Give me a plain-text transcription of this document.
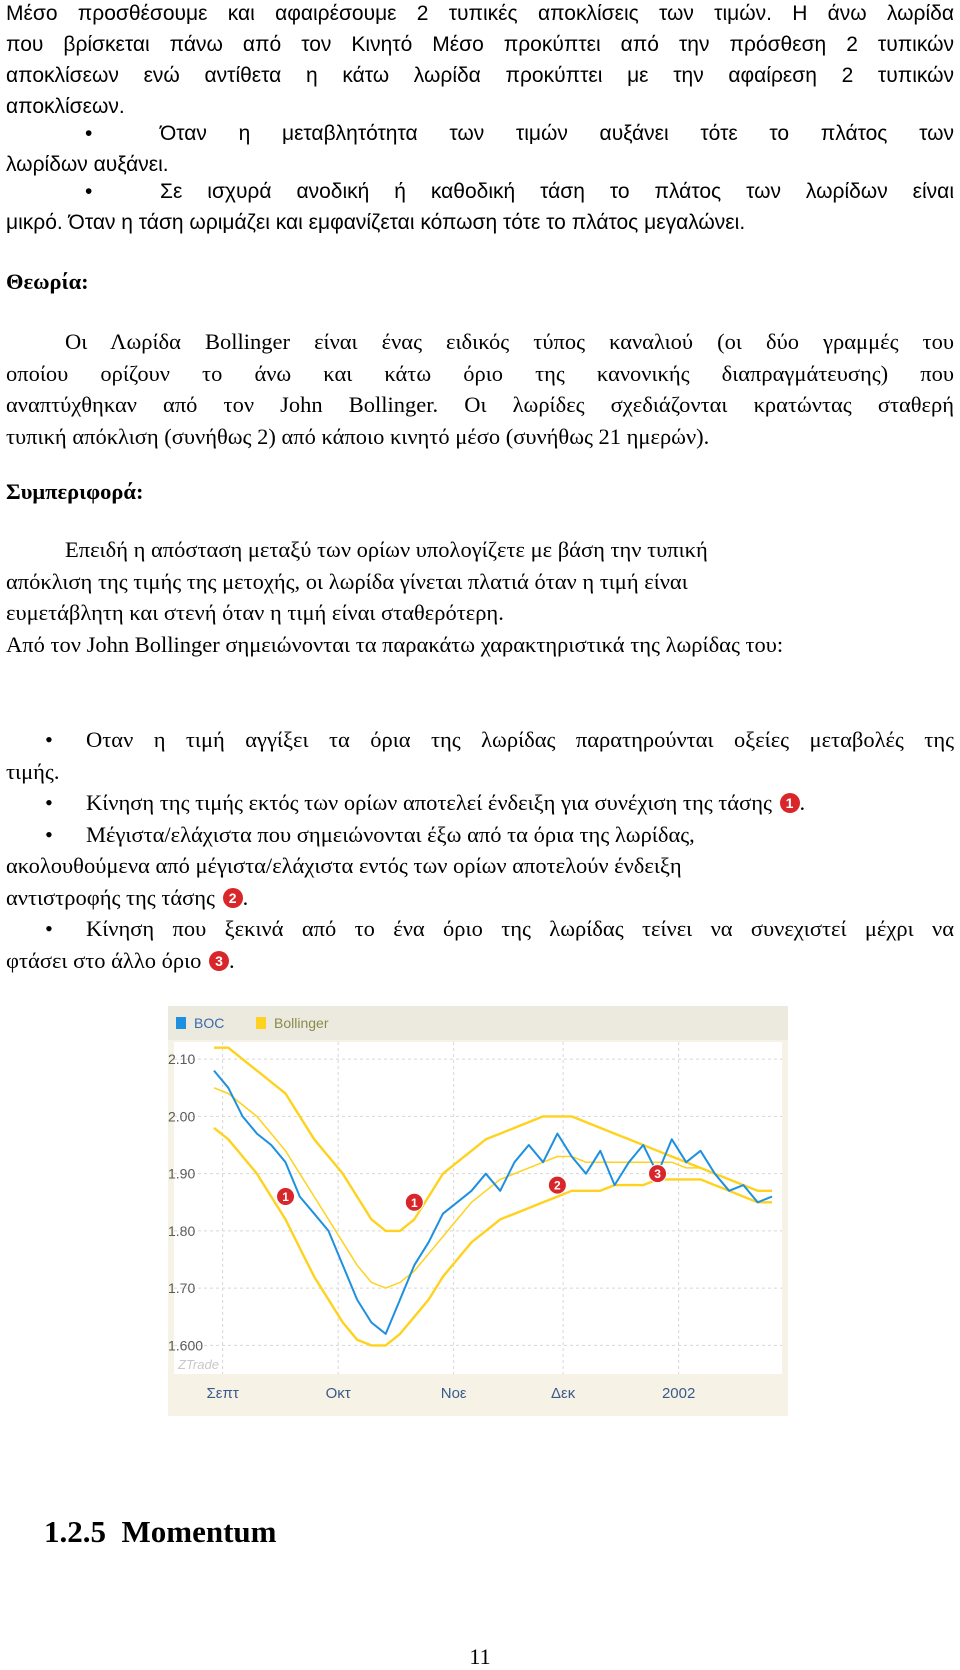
Μέσο προσθέσουμε και αφαιρέσουμε 2 τυπικές αποκλίσεις των τιμών. Η άνω λωρίδα
που βρίσκεται πάνω από τον Κινητό Μέσο προκύπτει από την πρόσθεση 2 τυπικών
αποκλίσεων ενώ αντίθετα η κάτω λωρίδα προκύπτει με την αφαίρεση 2 τυπικών
αποκλίσεων.
•	Όταν η μεταβλητότητα των τιμών αυξάνει τότε το πλάτος των
λωρίδων αυξάνει.
•	Σε ισχυρά ανοδική ή καθοδική τάση το πλάτος των λωρίδων είναι
μικρό. Όταν η τάση ωριμάζει και εμφανίζεται κόπωση τότε το πλάτος μεγαλώνει.
Θεωρία:
Οι Λωρίδα Bollinger είναι ένας ειδικός τύπος καναλιού (οι δύο γραμμές του
οποίου ορίζουν το άνω και κάτω όριο της κανονικής διαπραγμάτευσης) που
αναπτύχθηκαν από τον John Bollinger. Οι λωρίδες σχεδιάζονται κρατώντας σταθερή
τυπική απόκλιση (συνήθως 2) από κάποιο κινητό μέσο (συνήθως 21 ημερών).
Συμπεριφορά:
Επειδή η απόσταση μεταξύ των ορίων υπολογίζετε με βάση την τυπική
απόκλιση της τιμής της μετοχής, οι λωρίδα γίνεται πλατιά όταν η τιμή είναι
ευμετάβλητη και στενή όταν η τιμή είναι σταθερότερη.
Από τον John Bollinger σημειώνονται τα παρακάτω χαρακτηριστικά της λωρίδας του:
•	Οταν η τιμή αγγίξει τα όρια της λωρίδας παρατηρούνται οξείες μεταβολές της
τιμής.
•	Κίνηση της τιμής εκτός των ορίων αποτελεί ένδειξη για συνέχιση της τάσης 1 .
•	Μέγιστα/ελάχιστα που σημειώνονται έξω από τα όρια της λωρίδας,
ακολουθούμενα από μέγιστα/ελάχιστα εντός των ορίων αποτελούν ένδειξη
αντιστροφής της τάσης 2 .
•	Κίνηση που ξεκινά από το ένα όριο της λωρίδας τείνει να συνεχιστεί μέχρι να
φτάσει στο άλλο όριο 3 .
BOC	Bollinger
2.10
2.00
1.90
1.80
1.70
1.600
1	1
2
3
ZTrade
Σεπτ	Οκτ	Νοε	Δεκ	2002
1.2.5  Momentum
11
